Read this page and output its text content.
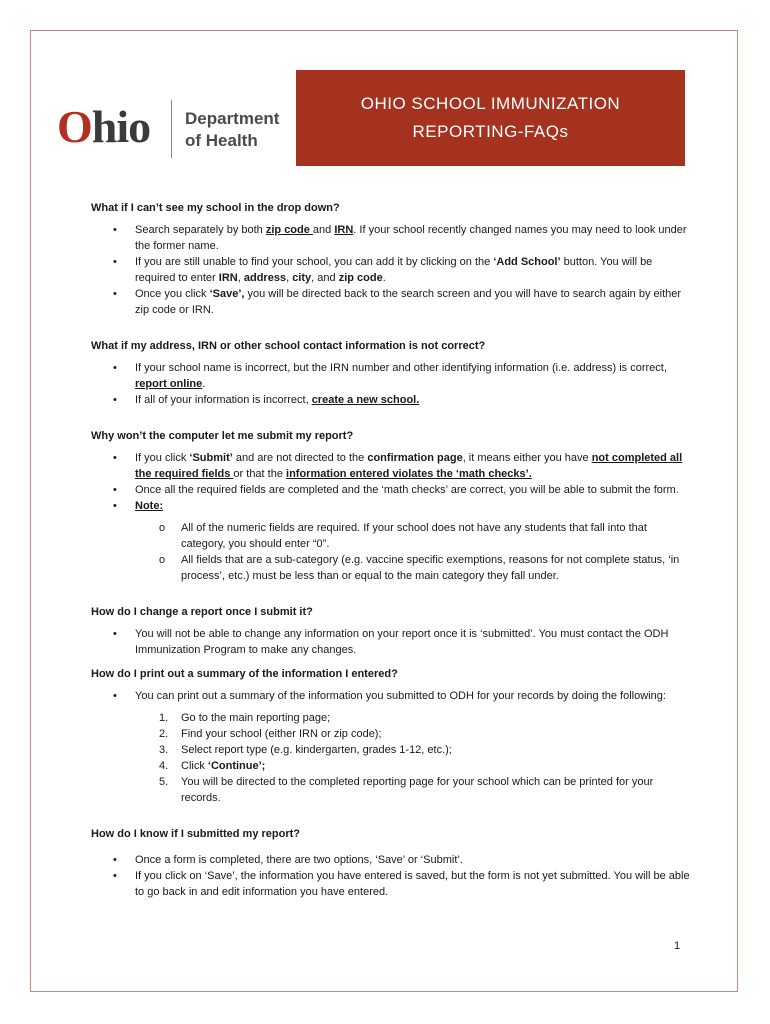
Ohio Department
of Health
OHIO SCHOOL IMMUNIZATION
REPORTING-FAQs
What if I can’t see my school in the drop down?
• Search separately by both zip code and IRN. If your school recently changed names you may need to look under the former name.
• If you are still unable to find your school, you can add it by clicking on the ‘Add School’ button. You will be required to enter IRN, address, city, and zip code.
• Once you click ‘Save’, you will be directed back to the search screen and you will have to search again by either zip code or IRN.
What if my address, IRN or other school contact information is not correct?
• If your school name is incorrect, but the IRN number and other identifying information (i.e. address) is correct, report online.
• If all of your information is incorrect, create a new school.
Why won’t the computer let me submit my report?
• If you click ‘Submit’ and are not directed to the confirmation page, it means either you have not completed all the required fields or that the information entered violates the ‘math checks’.
• Once all the required fields are completed and the ‘math checks’ are correct, you will be able to submit the form.
• Note:
o All of the numeric fields are required. If your school does not have any students that fall into that category, you should enter “0”.
o All fields that are a sub-category (e.g. vaccine specific exemptions, reasons for not complete status, ‘in process’, etc.) must be less than or equal to the main category they fall under.
How do I change a report once I submit it?
• You will not be able to change any information on your report once it is ‘submitted’. You must contact the ODH Immunization Program to make any changes.
How do I print out a summary of the information I entered?
• You can print out a summary of the information you submitted to ODH for your records by doing the following:
1. Go to the main reporting page;
2. Find your school (either IRN or zip code);
3. Select report type (e.g. kindergarten, grades 1-12, etc.);
4. Click ‘Continue’;
5. You will be directed to the completed reporting page for your school which can be printed for your records.
How do I know if I submitted my report?
• Once a form is completed, there are two options, ‘Save’ or ‘Submit’.
• If you click on ‘Save’, the information you have entered is saved, but the form is not yet submitted. You will be able to go back in and edit information you have entered.
1
